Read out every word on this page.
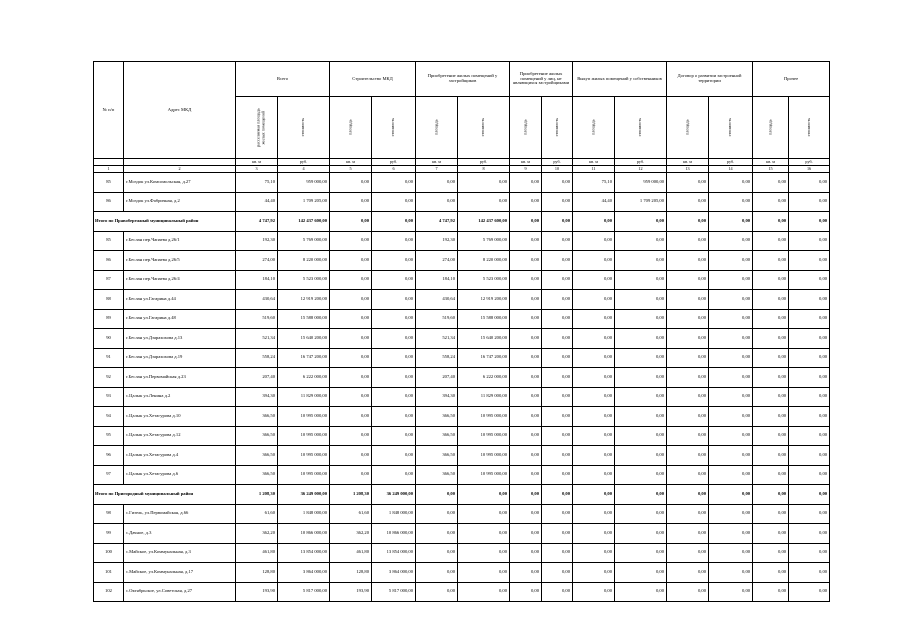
№ п/п	Адрес МКД	Всего		Строительство МКД		Приобретение жилых помещений у застройщиков		Приобретение жилых помещений у лиц, не являющихся застройщиками		Выкуп жилых помещений у собственников		Договор о развитии застроенной территории		Прочее	
		расселяемая площадь жилых помещений	стоимость	площадь	стоимость	площадь	стоимость	площадь	стоимость	площадь	стоимость	площадь	стоимость	площадь	стоимость
		кв. м	руб.	кв. м	руб.	кв. м	руб.	кв. м	руб.	кв. м	руб.	кв. м	руб.	кв. м	руб.
1	2	3	4	5	6	7	8	9	10	11	12	13	14	15	16
85	г.Моздок ул.Комсомольская, д.27	75,10	959 000,00	0,00	0,00	0,00	0,00	0,00	0,00	75,10	959 000,00	0,00	0,00	0,00	0,00
86	г.Моздок ул.Фабричная, д.2	44,40	1 709 205,00	0,00	0,00	0,00	0,00	0,00	0,00	44,40	1 709 205,00	0,00	0,00	0,00	0,00
Итого по Правобережный муниципальный район		4 747,92	142 437 600,00	0,00	0,00	4 747,92	142 437 600,00	0,00	0,00	0,00	0,00	0,00	0,00	0,00	0,00
85	г.Беслан пер.Чапаева д.26/1	192,30	5 769 000,00	0,00	0,00	192,30	5 769 000,00	0,00	0,00	0,00	0,00	0,00	0,00	0,00	0,00
86	г.Беслан пер.Чапаева д.26/5	274,00	8 220 000,00	0,00	0,00	274,00	8 220 000,00	0,00	0,00	0,00	0,00	0,00	0,00	0,00	0,00
87	г.Беслан пер.Чапаева д.26/4	184,10	5 523 000,00	0,00	0,00	184,10	5 523 000,00	0,00	0,00	0,00	0,00	0,00	0,00	0,00	0,00
88	г.Беслан ул.Гагарина д.44	430,64	12 919 200,00	0,00	0,00	430,64	12 919 200,00	0,00	0,00	0,00	0,00	0,00	0,00	0,00	0,00
89	г.Беслан ул.Гагарина д.48	519,60	15 588 000,00	0,00	0,00	519,60	15 588 000,00	0,00	0,00	0,00	0,00	0,00	0,00	0,00	0,00
90	г.Беслан ул.Дзарахохова д.13	521,34	15 640 200,00	0,00	0,00	521,34	15 640 200,00	0,00	0,00	0,00	0,00	0,00	0,00	0,00	0,00
91	г.Беслан ул.Дзарахохова д.19	558,24	16 747 200,00	0,00	0,00	558,24	16 747 200,00	0,00	0,00	0,00	0,00	0,00	0,00	0,00	0,00
92	г.Беслан ул.Первомайская д.23	207,40	6 222 000,00	0,00	0,00	207,40	6 222 000,00	0,00	0,00	0,00	0,00	0,00	0,00	0,00	0,00
93	с.Цалык ул.Ленина д.2	394,30	11 829 000,00	0,00	0,00	394,30	11 829 000,00	0,00	0,00	0,00	0,00	0,00	0,00	0,00	0,00
94	с.Цалык ул.Хетагурова д.10	366,50	10 995 000,00	0,00	0,00	366,50	10 995 000,00	0,00	0,00	0,00	0,00	0,00	0,00	0,00	0,00
95	с.Цалык ул.Хетагурова д.12	366,50	10 995 000,00	0,00	0,00	366,50	10 995 000,00	0,00	0,00	0,00	0,00	0,00	0,00	0,00	0,00
96	с.Цалык ул.Хетагурова д.4	366,50	10 995 000,00	0,00	0,00	366,50	10 995 000,00	0,00	0,00	0,00	0,00	0,00	0,00	0,00	0,00
97	с.Цалык ул.Хетагурова д.6	366,50	10 995 000,00	0,00	0,00	366,50	10 995 000,00	0,00	0,00	0,00	0,00	0,00	0,00	0,00	0,00
Итого по Пригородный муниципальный район		1 208,30	36 249 000,00	1 208,30	36 249 000,00	0,00	0,00	0,00	0,00	0,00	0,00	0,00	0,00	0,00	0,00
98	с.Гизель, ул.Первомайская, д.66	61,60	1 848 000,00	61,60	1 848 000,00	0,00	0,00	0,00	0,00	0,00	0,00	0,00	0,00	0,00	0,00
99	с.Дачное, д.3	362,20	10 866 000,00	362,20	10 866 000,00	0,00	0,00	0,00	0,00	0,00	0,00	0,00	0,00	0,00	0,00
100	с.Майское, ул.Коммунальная, д.3	461,80	13 854 000,00	461,80	13 854 000,00	0,00	0,00	0,00	0,00	0,00	0,00	0,00	0,00	0,00	0,00
101	с.Майское, ул.Коммунальная, д.17	128,80	3 864 000,00	128,80	3 864 000,00	0,00	0,00	0,00	0,00	0,00	0,00	0,00	0,00	0,00	0,00
102	с.Октябрьское, ул.Советская, д.27	193,90	5 817 000,00	193,90	5 817 000,00	0,00	0,00	0,00	0,00	0,00	0,00	0,00	0,00	0,00	0,00
